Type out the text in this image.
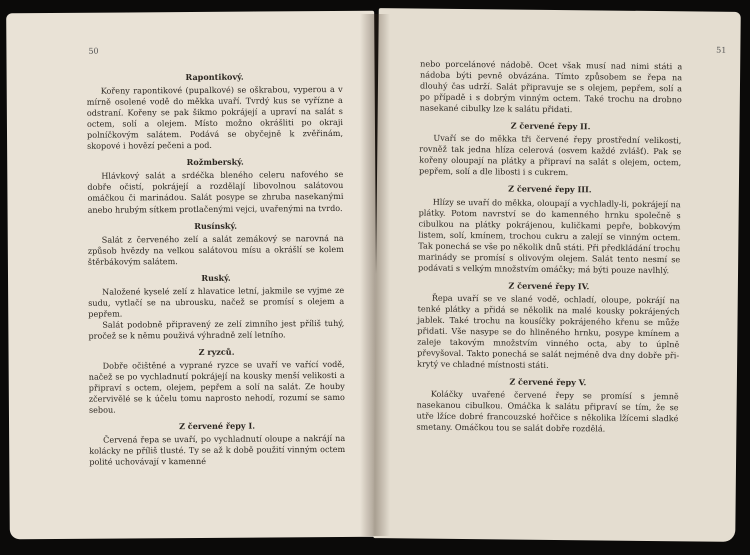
50
Rapontikový.

Kořeny rapontikové (pupalkové) se oškrabou, vyperou a v mírně osolené vodě do měkka uvaří. Tvrdý kus se vyřízne a odstraní. Kořeny se pak šikmo pokrájejí a upraví na salát s octem, solí a olejem. Místo možno okrášliti po okraji polníčkovým salátem. Podává se obyčejně k zvěřinám, skopové i hovězí pečeni a pod.

Rožmberský.

Hlávkový salát a srdéčka bleného celeru nafového se dobře očistí, pokrájejí a rozdělají libovolnou salátovou omáčkou či marinádou. Salát posype se zhruba nasekanými anebo hrubým sítkem protlačenými vejci, uvařenými na tvrdo.

Rusínský.

Salát z červeného zelí a salát zemákový se narovná na způsob hvězdy na velkou salátovou mísu a okrášlí se kolem štěrbákovým salátem.

Ruský.

Naložené kyselé zelí z hlavatice letní, jakmile se vyjme ze sudu, vytlačí se na ubrousku, načež se promísí s olejem a pepřem.

Salát podobně připravený ze zelí zimního jest příliš tuhý, pročež se k němu použivá výhradně zelí letního.

Z ryzců.

Dobře očištěné a vyprané ryzce se uvaří ve vařící vodě, načež se po vychladnutí pokrájejí na kousky menší velikosti a připraví s octem, olejem, pepřem a solí na salát. Ze houby zčervivělé se k účelu tomu naprosto nehodí, rozumí se samo sebou.

Z červené řepy I.

Červená řepa se uvaří, po vychladnutí oloupe a nakrájí na kolácky ne příliš tlusté. Ty se až k době použití vinným octem polité uchovávají v kamenné

51

nebo porcelánové nádobě. Ocet však musí nad nimi státi a nádoba býti pevně obvázána. Tímto způsobem se řepa na dlouhý čas udrží. Salát připravuje se s olejem, pepřem, solí a po případě i s dobrým vinným octem. Také trochu na drobno nasekané cibulky lze k salátu přidati.

Z červené řepy II.

Uvaří se do měkka tři červené řepy prostřední velikosti, rovněž tak jedna hlíza celerová (osvem každé zvlášť). Pak se kořeny oloupají na plátky a připraví na salát s olejem, octem, pepřem, solí a dle libosti i s cukrem.

Z červené řepy III.

Hlízy se uvaří do měkka, oloupají a vychladly-li, pokrájejí na plátky. Potom navrství se do kamenného hrnku společně s cibulkou na plátky pokrájenou, kuličkami pepře, bobkovým listem, solí, kmínem, trochou cukru a zalejí se vinným octem. Tak ponechá se vše po několik dnů státi. Při předkládání trochu marinády se promísí s olivovým olejem. Salát tento nesmí se podávati s velkým množstvím omáčky; má býti pouze navlhlý.

Z červené řepy IV.

Řepa uvaří se ve slané vodě, ochladí, oloupe, pokrájí na tenké plátky a přidá se několik na malé kousky pokrájených jablek. Také trochu na kousíčky pokrájeného křenu se může přidati. Vše nasype se do hliněného hrnku, posype kmínem a zaleje takovým množstvím vinného octa, aby to úplně převyšoval. Takto ponechá se salát nejméně dva dny dobře přikrytý ve chladné místnosti státi.

Z červené řepy V.

Koláčky uvařené červené řepy se promísí s jemně nasekanou cibulkou. Omáčka k salátu připraví se tím, že se utře lžíce dobré francouzské hořčice s několika lžícemi sladké smetany. Omáčkou tou se salát dobře rozdělá.
